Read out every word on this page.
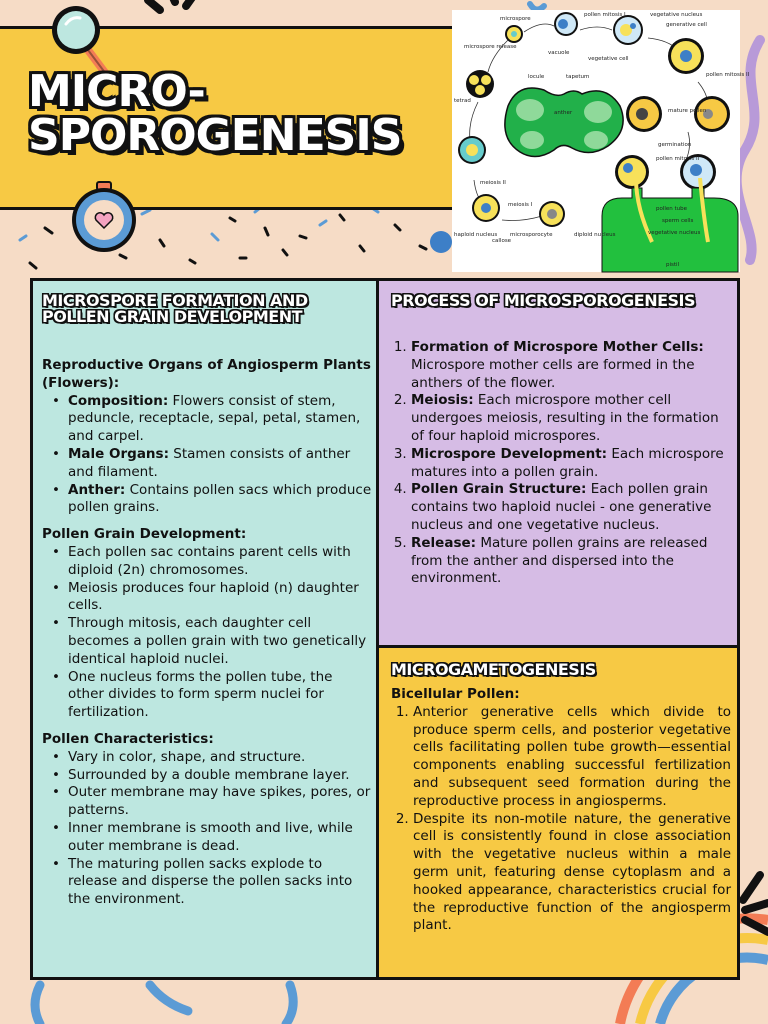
MICRO-
SPOROGENESIS
microspore
pollen mitosis I	vegetative nucleus
generative cell
microspore release
vacuole
vegetative cell
locule	tapetum	pollen mitosis II
tetrad
anther	mature pollen
germination
meiosis II
pollen mitosis II
meiosis I
pollen tube
sperm cells
vegetative nucleus
haploid nucleus
callose
microsporocyte	diploid nucleus
pistil
MICROSPORE FORMATION AND POLLEN GRAIN DEVELOPMENT

Reproductive Organs of Angiosperm Plants (Flowers):

• Composition: Flowers consist of stem, peduncle, receptacle, sepal, petal, stamen, and carpel.
• Male Organs: Stamen consists of anther and filament.
• Anther: Contains pollen sacs which produce pollen grains.

Pollen Grain Development:

• Each pollen sac contains parent cells with diploid (2n) chromosomes.
• Meiosis produces four haploid (n) daughter cells.
• Through mitosis, each daughter cell becomes a pollen grain with two genetically identical haploid nuclei.
• One nucleus forms the pollen tube, the other divides to form sperm nuclei for fertilization.

Pollen Characteristics:

• Vary in color, shape, and structure.
• Surrounded by a double membrane layer.
• Outer membrane may have spikes, pores, or patterns.
• Inner membrane is smooth and live, while outer membrane is dead.
• The maturing pollen sacks explode to release and disperse the pollen sacks into the environment.
PROCESS OF MICROSPOROGENESIS
1. Formation of Microspore Mother Cells: Microspore mother cells are formed in the anthers of the flower.
2. Meiosis: Each microspore mother cell undergoes meiosis, resulting in the formation of four haploid microspores.
3. Microspore Development: Each microspore matures into a pollen grain.
4. Pollen Grain Structure: Each pollen grain contains two haploid nuclei - one generative nucleus and one vegetative nucleus.
5. Release: Mature pollen grains are released from the anther and dispersed into the environment.
MICROGAMETOGENESIS

Bicellular Pollen:

1. Anterior generative cells which divide to produce sperm cells, and posterior vegetative cells facilitating pollen tube growth—essential components enabling successful fertilization and subsequent seed formation during the reproductive process in angiosperms.
2. Despite its non-motile nature, the generative cell is consistently found in close association with the vegetative nucleus within a male germ unit, featuring dense cytoplasm and a hooked appearance, characteristics crucial for the reproductive function of the angiosperm plant.
